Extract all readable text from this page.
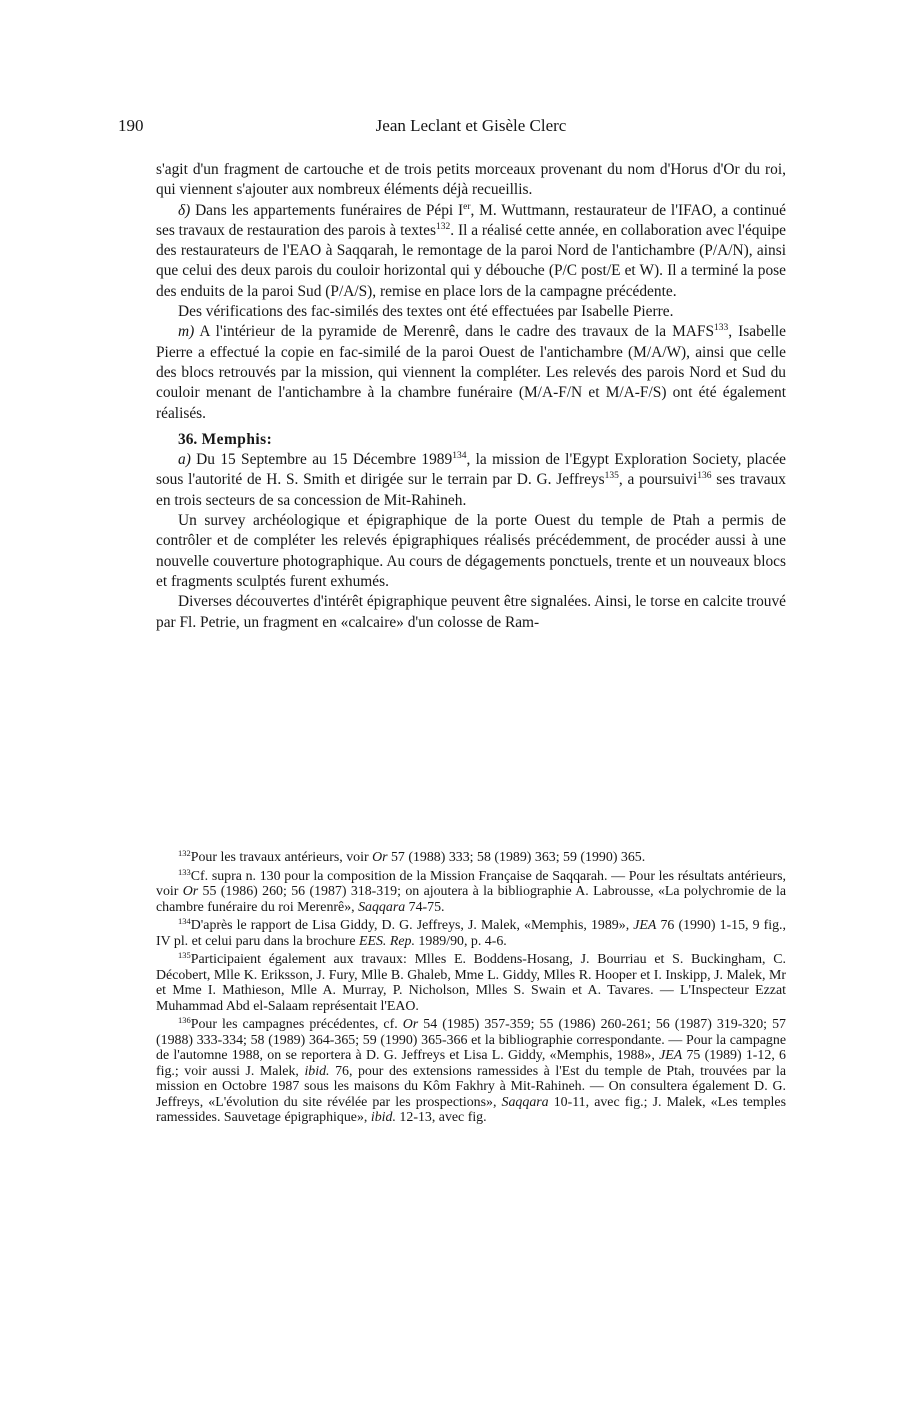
190	Jean Leclant et Gisèle Clerc

s'agit d'un fragment de cartouche et de trois petits morceaux provenant du nom d'Horus d'Or du roi, qui viennent s'ajouter aux nombreux éléments déjà recueillis.

δ) Dans les appartements funéraires de Pépi Ier, M. Wuttmann, restaurateur de l'IFAO, a continué ses travaux de restauration des parois à textes$^{132}$. Il a réalisé cette année, en collaboration avec l'équipe des restaurateurs de l'EAO à Saqqarah, le remontage de la paroi Nord de l'antichambre (P/A/N), ainsi que celui des deux parois du couloir horizontal qui y débouche (P/C post/E et W). Il a terminé la pose des enduits de la paroi Sud (P/A/S), remise en place lors de la campagne précédente.

Des vérifications des fac-similés des textes ont été effectuées par Isabelle Pierre.

m) A l'intérieur de la pyramide de Merenrê, dans le cadre des travaux de la MAFS$^{133}$, Isabelle Pierre a effectué la copie en fac-similé de la paroi Ouest de l'antichambre (M/A/W), ainsi que celle des blocs retrouvés par la mission, qui viennent la compléter. Les relevés des parois Nord et Sud du couloir menant de l'antichambre à la chambre funéraire (M/A-F/N et M/A-F/S) ont été également réalisés.

36. Memphis:

a) Du 15 Septembre au 15 Décembre 1989$^{134}$, la mission de l'Egypt Exploration Society, placée sous l'autorité de H. S. Smith et dirigée sur le terrain par D. G. Jeffreys$^{135}$, a poursuivi$^{136}$ ses travaux en trois secteurs de sa concession de Mit-Rahineh.

Un survey archéologique et épigraphique de la porte Ouest du temple de Ptah a permis de contrôler et de compléter les relevés épigraphiques réalisés précédemment, de procéder aussi à une nouvelle couverture photographique. Au cours de dégagements ponctuels, trente et un nouveaux blocs et fragments sculptés furent exhumés.

Diverses découvertes d'intérêt épigraphique peuvent être signalées. Ainsi, le torse en calcite trouvé par Fl. Petrie, un fragment en «calcaire» d'un colosse de Ram-

$^{132}$Pour les travaux antérieurs, voir Or 57 (1988) 333; 58 (1989) 363; 59 (1990) 365.

$^{133}$Cf. supra n. 130 pour la composition de la Mission Française de Saqqarah. — Pour les résultats antérieurs, voir Or 55 (1986) 260; 56 (1987) 318-319; on ajoutera à la bibliographie A. Labrousse, «La polychromie de la chambre funéraire du roi Merenrê», Saqqara 74-75.

$^{134}$D'après le rapport de Lisa Giddy, D. G. Jeffreys, J. Malek, «Memphis, 1989», JEA 76 (1990) 1-15, 9 fig., IV pl. et celui paru dans la brochure EES. Rep. 1989/90, p. 4-6.

$^{135}$Participaient également aux travaux: Mlles E. Boddens-Hosang, J. Bourriau et S. Buckingham, C. Décobert, Mlle K. Eriksson, J. Fury, Mlle B. Ghaleb, Mme L. Giddy, Mlles R. Hooper et I. Inskipp, J. Malek, Mr et Mme I. Mathieson, Mlle A. Murray, P. Nicholson, Mlles S. Swain et A. Tavares. — L'Inspecteur Ezzat Muhammad Abd el-Salaam représentait l'EAO.

$^{136}$Pour les campagnes précédentes, cf. Or 54 (1985) 357-359; 55 (1986) 260-261; 56 (1987) 319-320; 57 (1988) 333-334; 58 (1989) 364-365; 59 (1990) 365-366 et la bibliographie correspondante. — Pour la campagne de l'automne 1988, on se reportera à D. G. Jeffreys et Lisa L. Giddy, «Memphis, 1988», JEA 75 (1989) 1-12, 6 fig.; voir aussi J. Malek, ibid. 76, pour des extensions ramessides à l'Est du temple de Ptah, trouvées par la mission en Octobre 1987 sous les maisons du Kôm Fakhry à Mit-Rahineh. — On consultera également D. G. Jeffreys, «L'évolution du site révélée par les prospections», Saqqara 10-11, avec fig.; J. Malek, «Les temples ramessides. Sauvetage épigraphique», ibid. 12-13, avec fig.
